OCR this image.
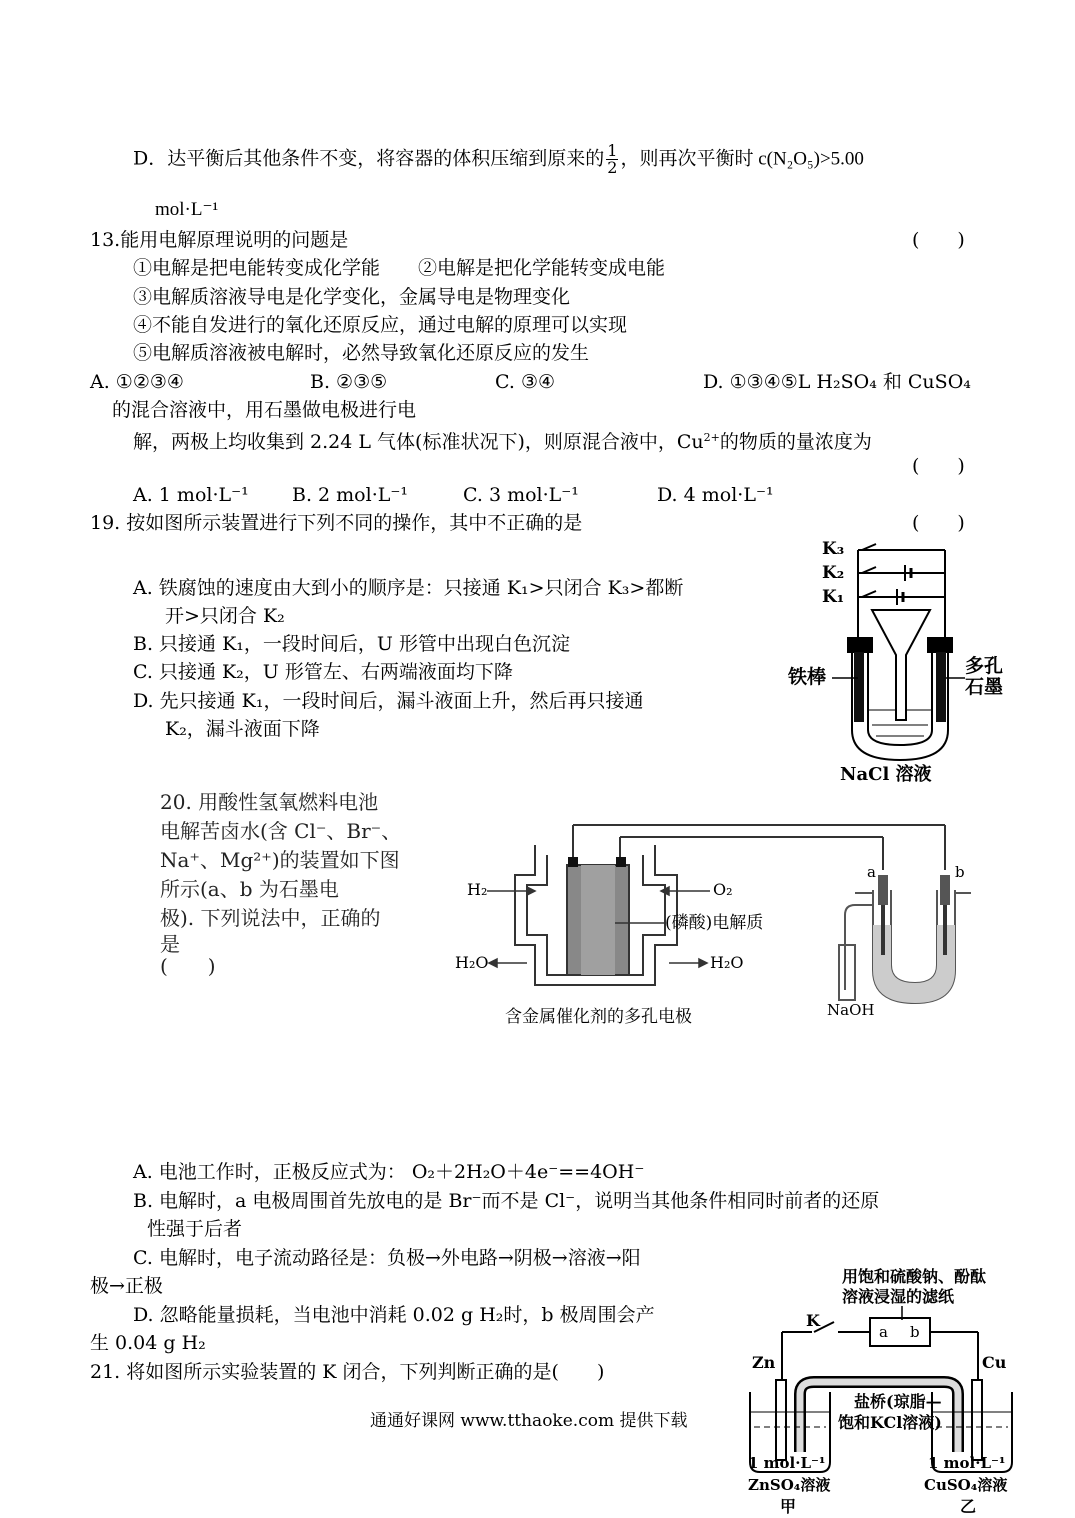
D．达平衡后其他条件不变，将容器的体积压缩到原来的 $\frac{1}{2}$ ，则再次平衡时 c(N₂O₅)>5.00
mol·L⁻¹
13.能用电解原理说明的问题是	(　　)
①电解是把电能转变成化学能　　②电解是把化学能转变成电能
③电解质溶液导电是化学变化，金属导电是物理变化
④不能自发进行的氧化还原反应，通过电解的原理可以实现
⑤电解质溶液被电解时，必然导致氧化还原反应的发生
A. ①②③④	B. ②③⑤	C. ③④	D. ①③④⑤L H₂SO₄ 和 CuSO₄
的混合溶液中，用石墨做电极进行电
解，两极上均收集到 2.24 L 气体(标准状况下)，则原混合液中，$Cu^{2+}$的物质的量浓度为
(　　)
A. 1 mol·L⁻¹ B. 2 mol·L⁻¹	C. 3 mol·L⁻¹	D. 4 mol·L⁻¹
19. 按如图所示装置进行下列不同的操作，其中不正确的是	(　　)
A. 铁腐蚀的速度由大到小的顺序是：只接通 K₁>只闭合 K₃>都断
开>只闭合 K₂
B. 只接通 K₁，一段时间后，U 形管中出现白色沉淀
C. 只接通 K₂，U 形管左、右两端液面均下降
D. 先只接通 K₁，一段时间后，漏斗液面上升，然后再只接通
K₂，漏斗液面下降
K₃
K₂
K₁
铁棒	多孔
石墨
NaCl 溶液
20. 用酸性氢氧燃料电池
电解苦卤水(含 Cl⁻、Br⁻、
Na⁺、Mg²⁺)的装置如下图
所示(a、b 为石墨电
极). 下列说法中，正确的
是
(　　)
H₂	O₂
H₂O	H₂O
(磷酸)电解质
含金属催化剂的多孔电极
a	b
NaOH
A. 电池工作时，正极反应式为： O₂＋2H₂O＋4e⁻==4OH⁻
B. 电解时，a 电极周围首先放电的是 Br⁻而不是 Cl⁻，说明当其他条件相同时前者的还原
性强于后者
C. 电解时，电子流动路径是：负极→外电路→阴极→溶液→阳
极→正极
D. 忽略能量损耗，当电池中消耗 0.02 g H₂时，b 极周围会产
生 0.04 g H₂
21. 将如图所示实验装置的 K 闭合，下列判断正确的是(　　)
用饱和硫酸钠、酚酞
溶液浸湿的滤纸
a b
K
Zn	Cu
盐桥(琼脂—
饱和KCl溶液)
1 mol·L⁻¹	1 mol·L⁻¹
ZnSO₄溶液	CuSO₄溶液
甲	乙
通通好课网 www.tthaoke.com 提供下载
